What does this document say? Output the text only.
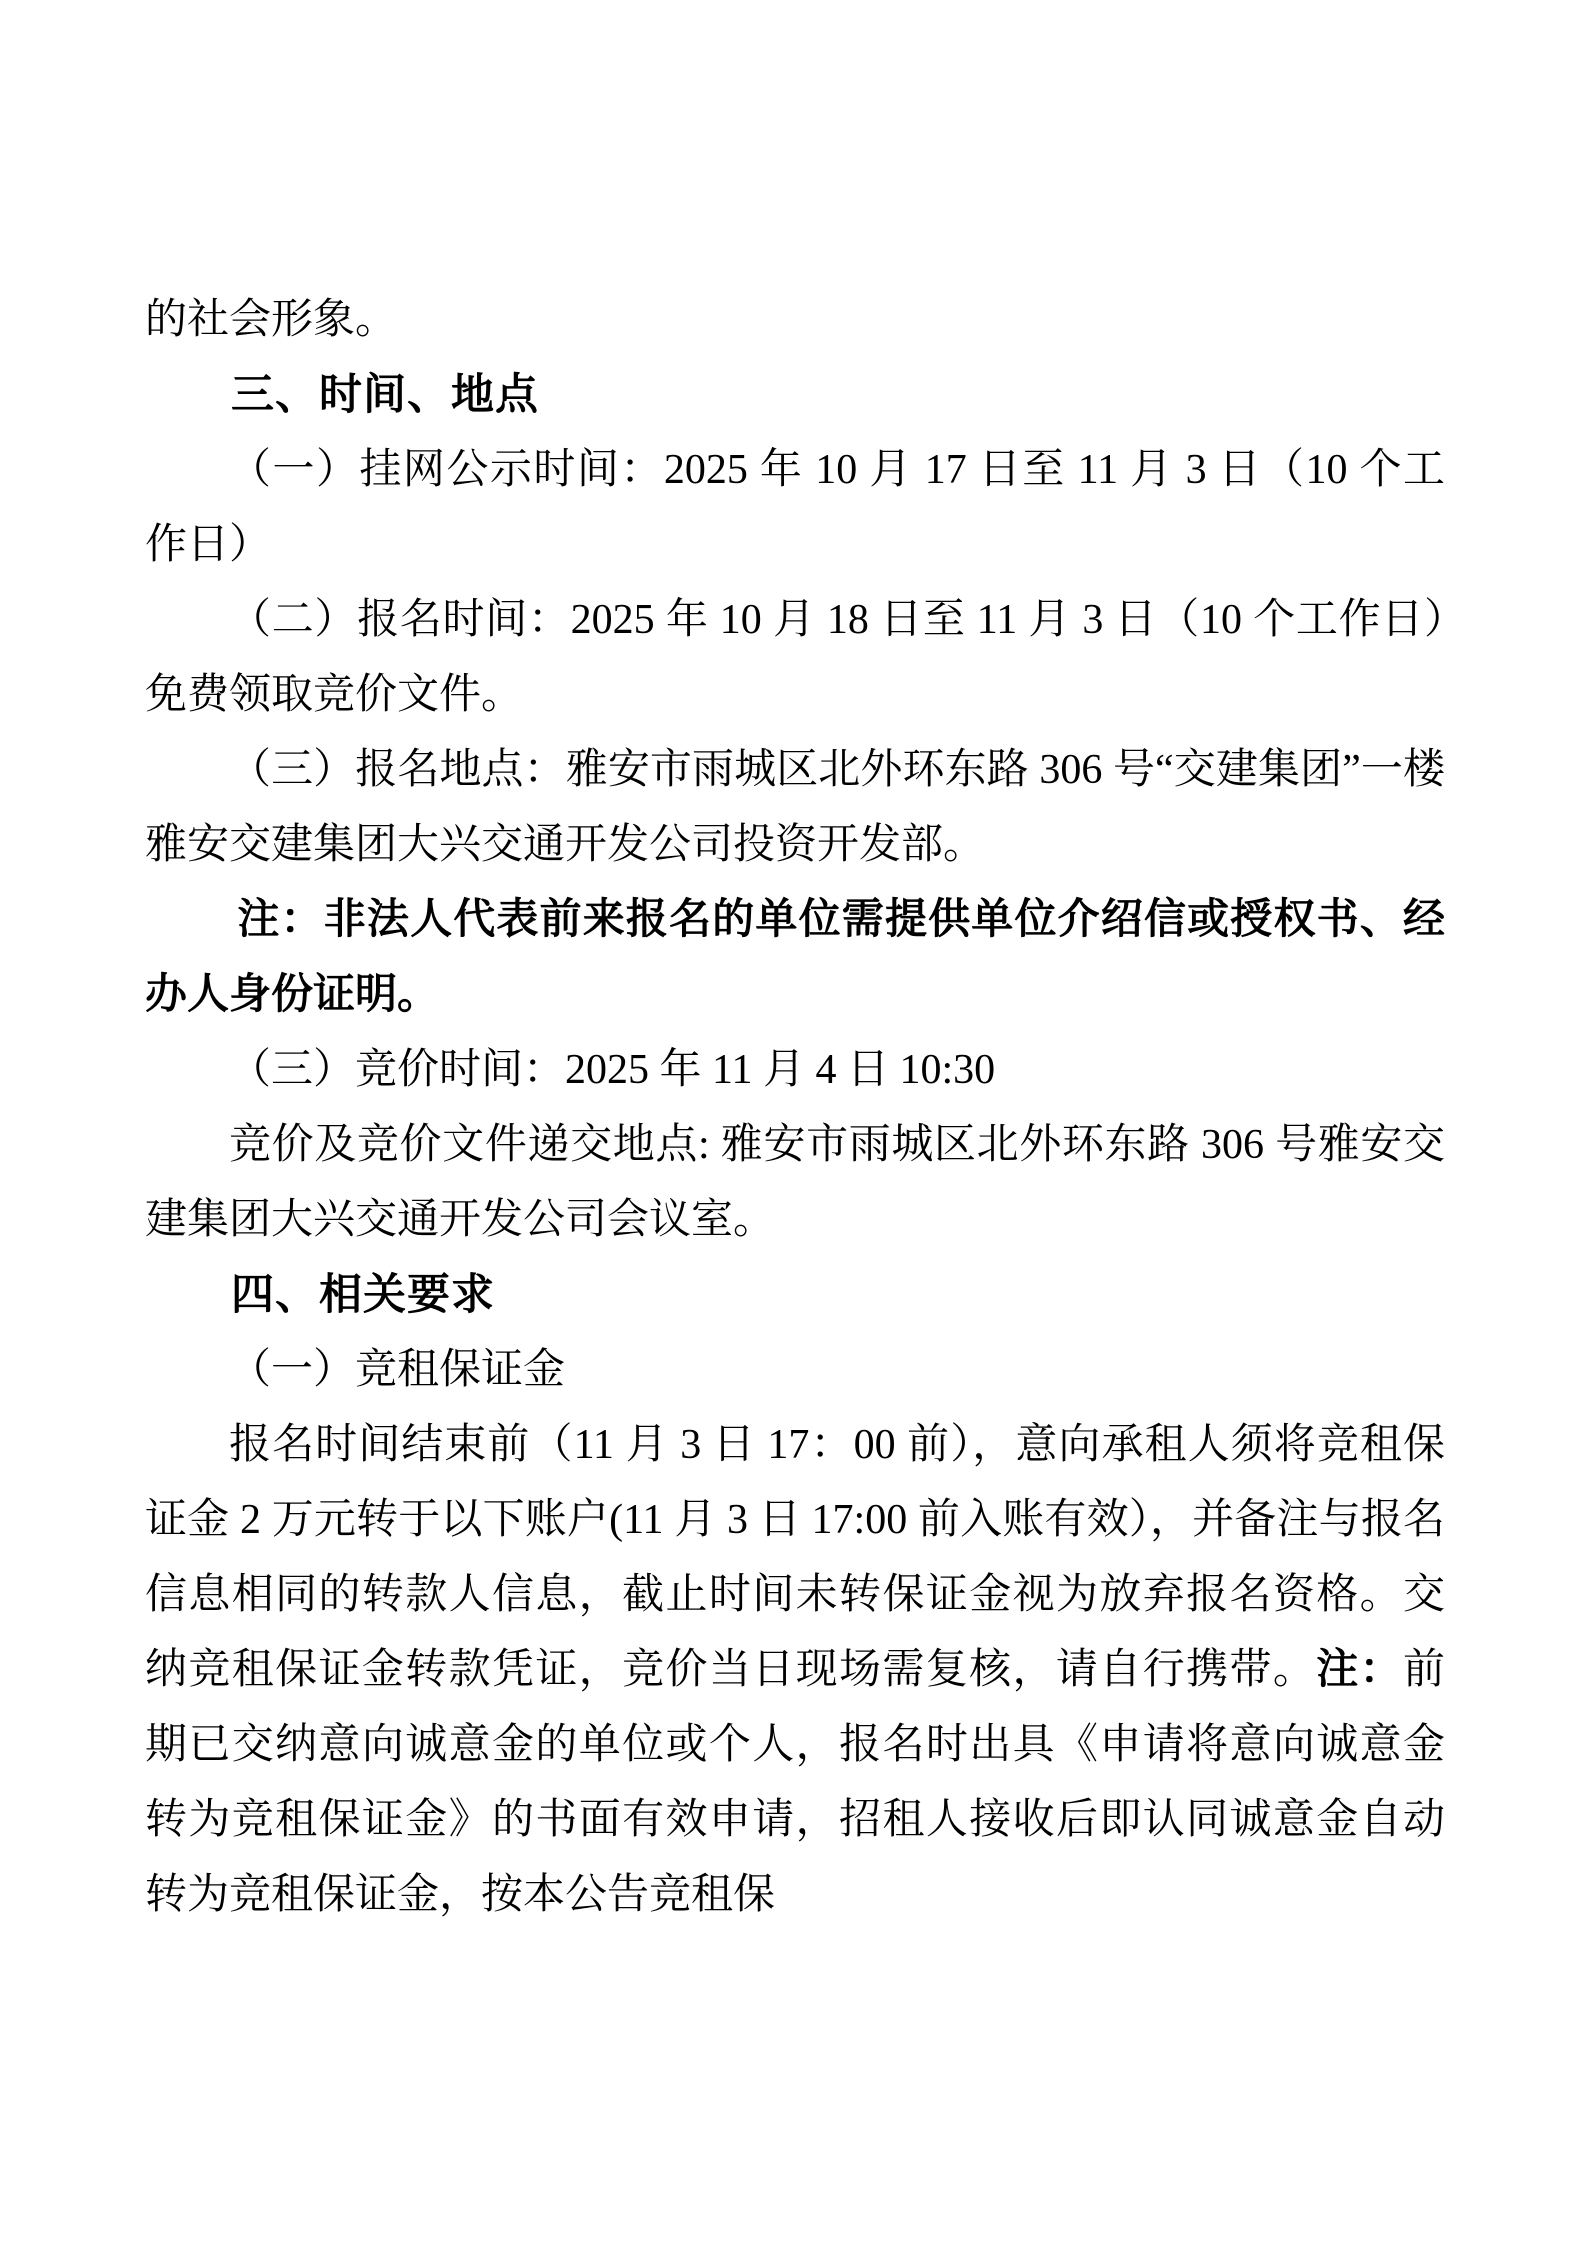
的社会形象。

三、时间、地点

（一）挂网公示时间：2025 年 10 月 17 日至 11 月 3 日（10 个工作日）

（二）报名时间：2025 年 10 月 18 日至 11 月 3 日（10 个工作日）免费领取竞价文件。

（三）报名地点：雅安市雨城区北外环东路 306 号“交建集团”一楼雅安交建集团大兴交通开发公司投资开发部。

注：非法人代表前来报名的单位需提供单位介绍信或授权书、经办人身份证明。

（三）竞价时间：2025 年 11 月 4 日 10:30

竞价及竞价文件递交地点: 雅安市雨城区北外环东路 306 号雅安交建集团大兴交通开发公司会议室。

四、相关要求

（一）竞租保证金

报名时间结束前（11 月 3 日 17：00 前），意向承租人须将竞租保证金 2 万元转于以下账户(11 月 3 日 17:00 前入账有效），并备注与报名信息相同的转款人信息，截止时间未转保证金视为放弃报名资格。交纳竞租保证金转款凭证，竞价当日现场需复核，请自行携带。注：前期已交纳意向诚意金的单位或个人，报名时出具《申请将意向诚意金转为竞租保证金》的书面有效申请，招租人接收后即认同诚意金自动转为竞租保证金，按本公告竞租保
